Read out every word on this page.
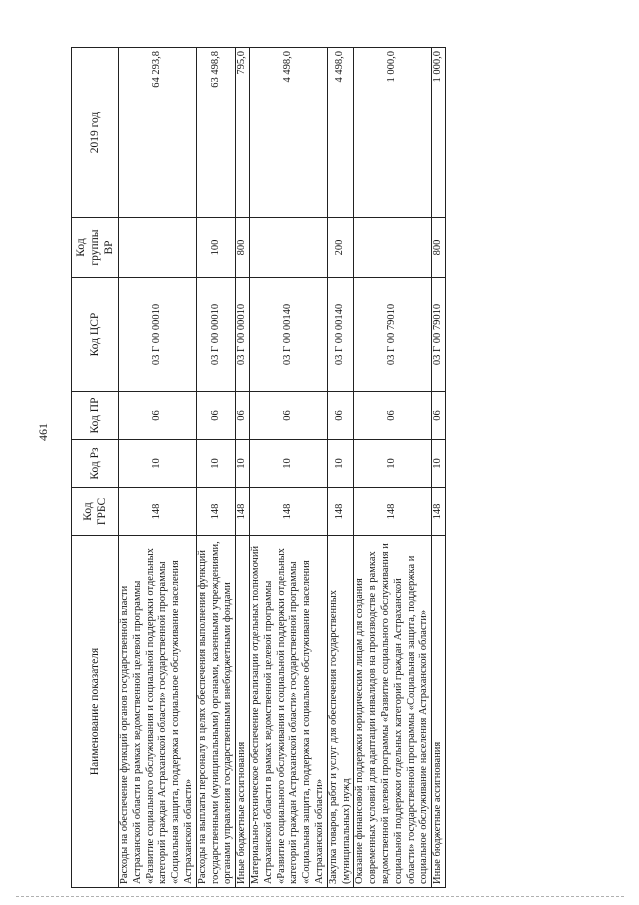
461
Наименование показателя	Код ГРБС	Код Рз	Код ПР	Код ЦСР	Код группы ВР	2019 год
Расходы на обеспечение функций органов государственной власти Астраханской области в рамках ведомственной целевой программы «Развитие социального обслуживания и социальной поддержки отдельных категорий граждан Астраханской области» государственной программы «Социальная защита, поддержка и социальное обслуживание населения Астраханской области»	148	10	06	03 Г 00 00010		64 293,8
Расходы на выплаты персоналу в целях обеспечения выполнения функций государственными (муниципальными) органами, казенными учреждениями, органами управления государственными внебюджетными фондами	148	10	06	03 Г 00 00010	100	63 498,8
Иные бюджетные ассигнования	148	10	06	03 Г 00 00010	800	795,0
Материально-техническое обеспечение реализации отдельных полномочий Астраханской области в рамках ведомственной целевой программы «Развитие социального обслуживания и социальной поддержки отдельных категорий граждан Астраханской области» государственной программы «Социальная защита, поддержка и социальное обслуживание населения Астраханской области»	148	10	06	03 Г 00 00140		4 498,0
Закупка товаров, работ и услуг для обеспечения государственных (муниципальных) нужд	148	10	06	03 Г 00 00140	200	4 498,0
Оказание финансовой поддержки юридическим лицам для создания современных условий для адаптации инвалидов на производстве в рамках ведомственной целевой программы «Развитие социального обслуживания и социальной поддержки отдельных категорий граждан Астраханской области» государственной программы «Социальная защита, поддержка и социальное обслуживание населения Астраханской области»	148	10	06	03 Г 00 79010		1 000,0
Иные бюджетные ассигнования	148	10	06	03 Г 00 79010	800	1 000,0
